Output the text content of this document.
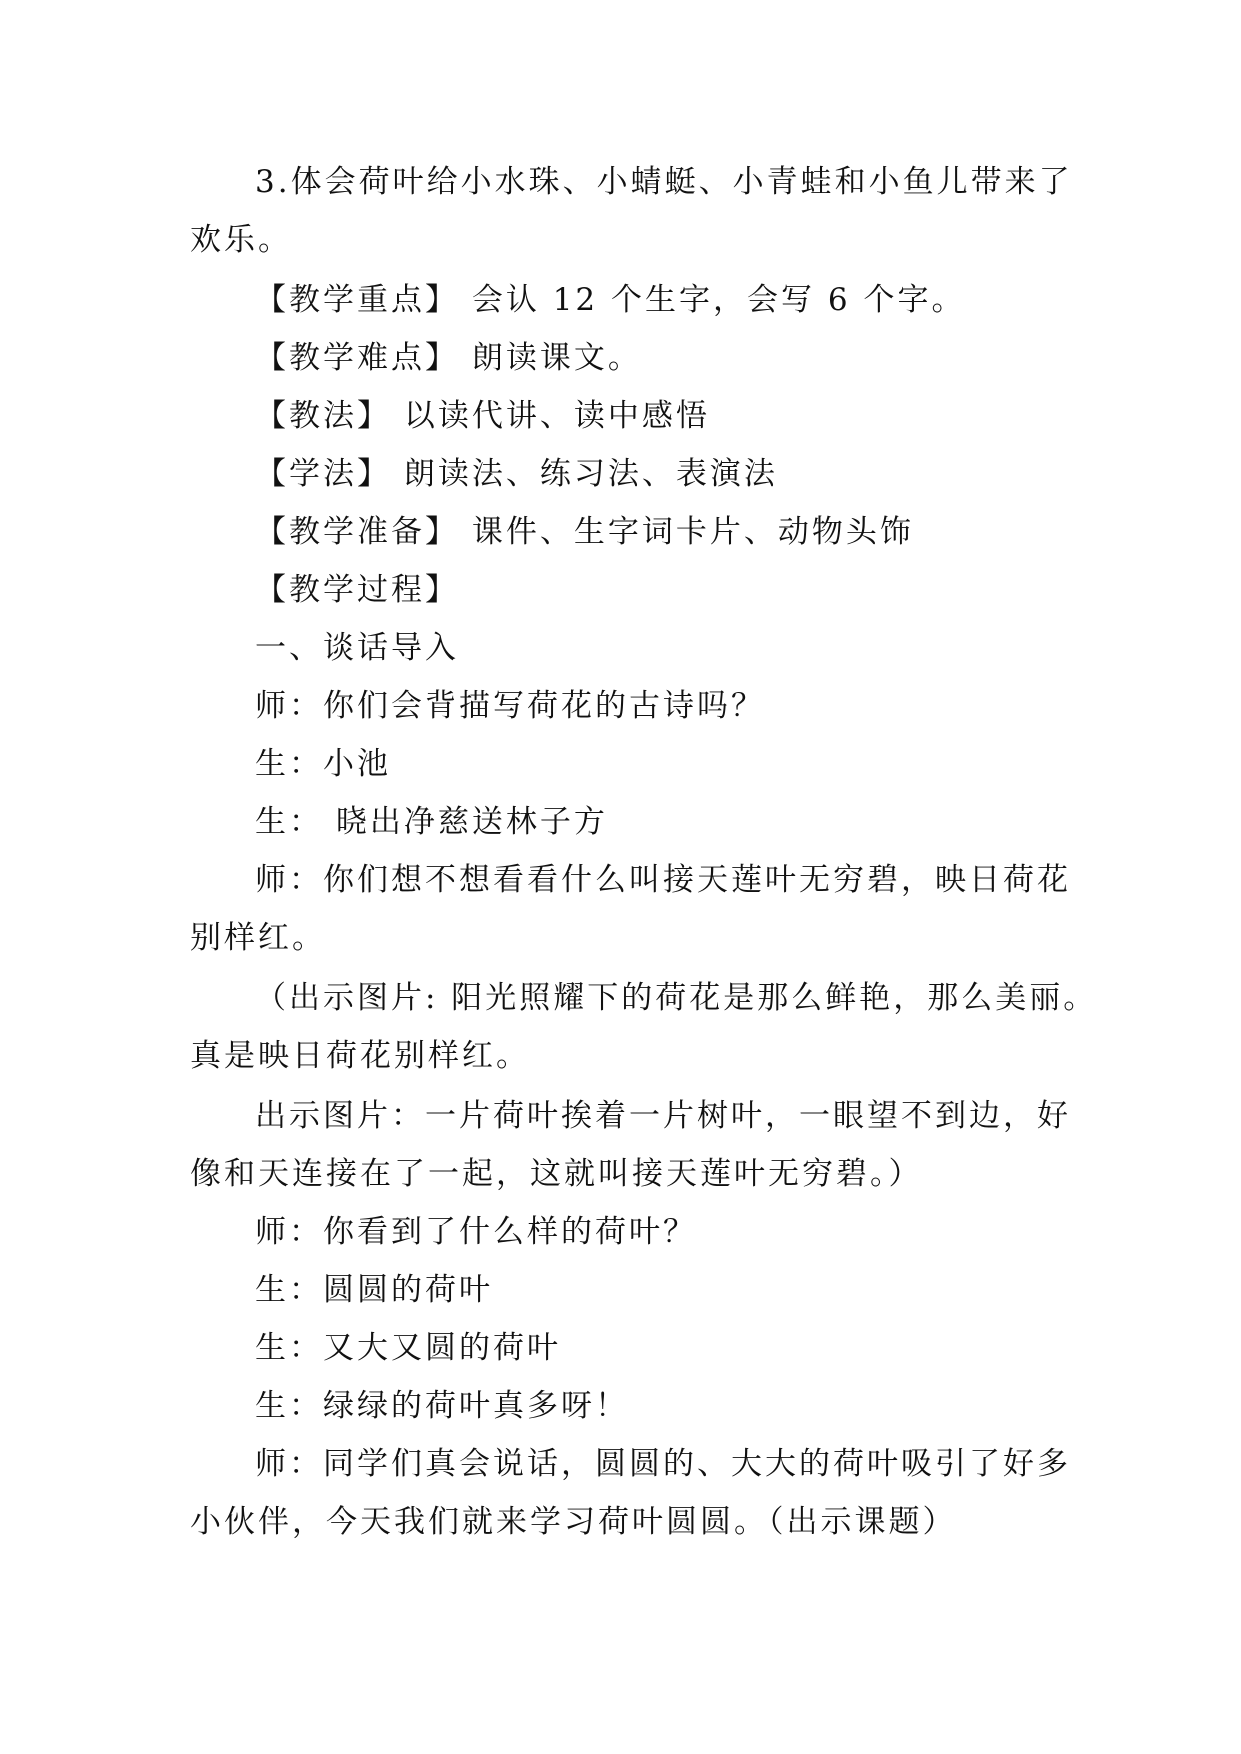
3.体会荷叶给小水珠、小蜻蜓、小青蛙和小鱼儿带来了
欢乐。
【教学重点】 会认 12 个生字，会写 6 个字。
【教学难点】 朗读课文。
【教法】 以读代讲、读中感悟
【学法】 朗读法、练习法、表演法
【教学准备】 课件、生字词卡片、动物头饰
【教学过程】
一、谈话导入
师：你们会背描写荷花的古诗吗？
生：小池
生： 晓出净慈送林子方
师：你们想不想看看什么叫接天莲叶无穷碧，映日荷花
别样红。
（出示图片: 阳光照耀下的荷花是那么鲜艳，那么美丽。
真是映日荷花别样红。
出示图片：一片荷叶挨着一片树叶，一眼望不到边，好
像和天连接在了一起，这就叫接天莲叶无穷碧。）
师：你看到了什么样的荷叶？
生：圆圆的荷叶
生：又大又圆的荷叶
生：绿绿的荷叶真多呀！
师：同学们真会说话，圆圆的、大大的荷叶吸引了好多
小伙伴，今天我们就来学习荷叶圆圆。（出示课题）
